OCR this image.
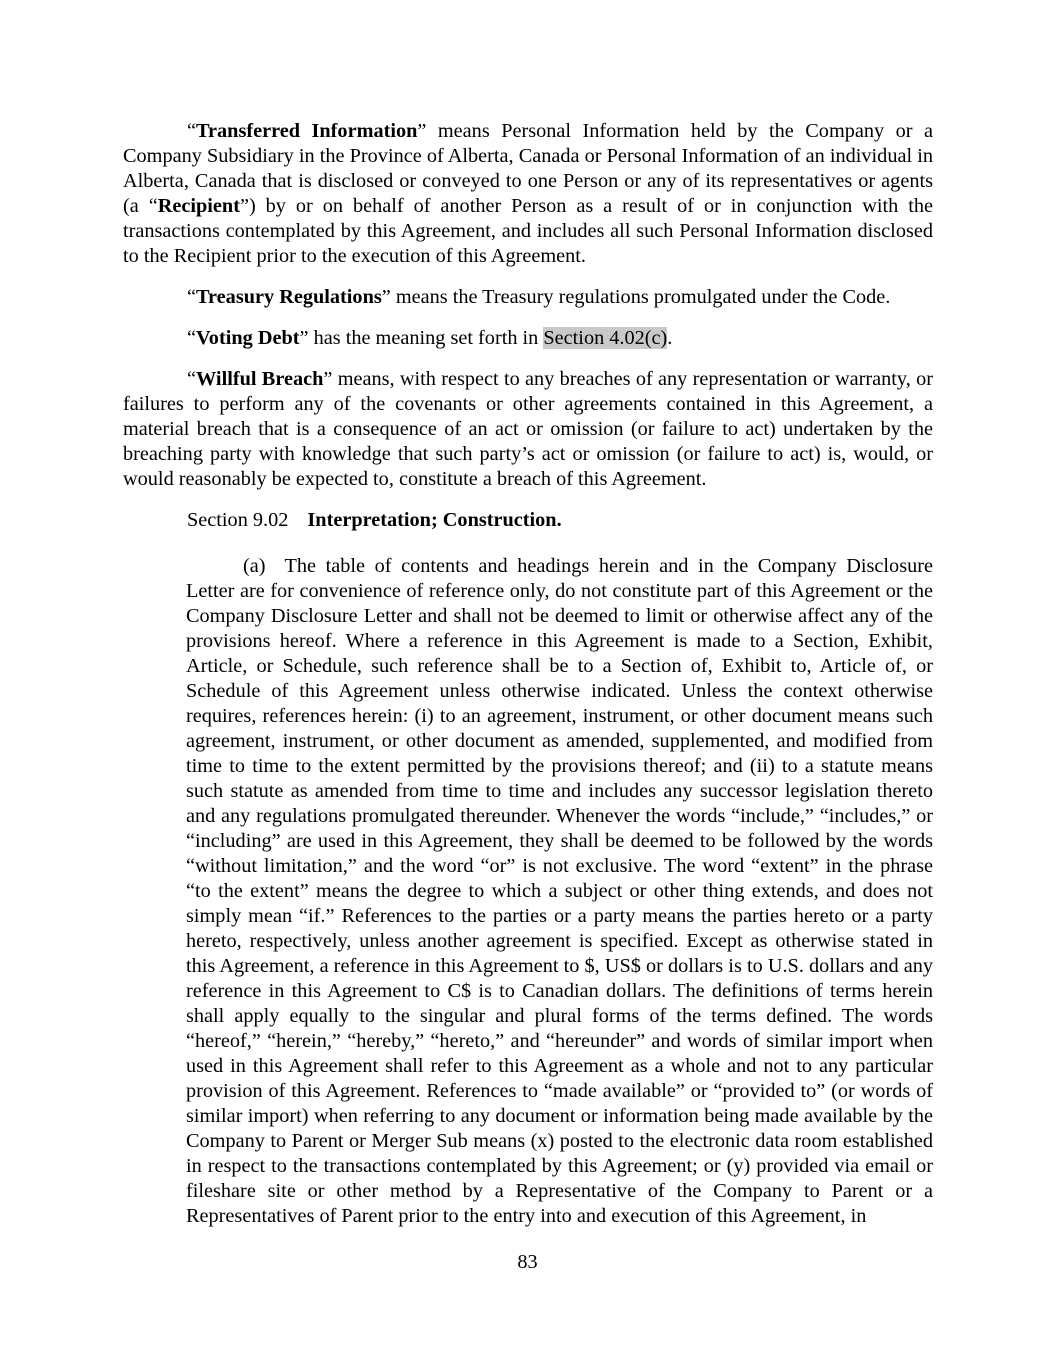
“Transferred Information” means Personal Information held by the Company or a Company Subsidiary in the Province of Alberta, Canada or Personal Information of an individual in Alberta, Canada that is disclosed or conveyed to one Person or any of its representatives or agents (a “Recipient”) by or on behalf of another Person as a result of or in conjunction with the transactions contemplated by this Agreement, and includes all such Personal Information disclosed to the Recipient prior to the execution of this Agreement.

“Treasury Regulations” means the Treasury regulations promulgated under the Code.

“Voting Debt” has the meaning set forth in Section 4.02(c).

“Willful Breach” means, with respect to any breaches of any representation or warranty, or failures to perform any of the covenants or other agreements contained in this Agreement, a material breach that is a consequence of an act or omission (or failure to act) undertaken by the breaching party with knowledge that such party’s act or omission (or failure to act) is, would, or would reasonably be expected to, constitute a breach of this Agreement.

Section 9.02 Interpretation; Construction.

(a) The table of contents and headings herein and in the Company Disclosure Letter are for convenience of reference only, do not constitute part of this Agreement or the Company Disclosure Letter and shall not be deemed to limit or otherwise affect any of the provisions hereof. Where a reference in this Agreement is made to a Section, Exhibit, Article, or Schedule, such reference shall be to a Section of, Exhibit to, Article of, or Schedule of this Agreement unless otherwise indicated. Unless the context otherwise requires, references herein: (i) to an agreement, instrument, or other document means such agreement, instrument, or other document as amended, supplemented, and modified from time to time to the extent permitted by the provisions thereof; and (ii) to a statute means such statute as amended from time to time and includes any successor legislation thereto and any regulations promulgated thereunder. Whenever the words “include,” “includes,” or “including” are used in this Agreement, they shall be deemed to be followed by the words “without limitation,” and the word “or” is not exclusive. The word “extent” in the phrase “to the extent” means the degree to which a subject or other thing extends, and does not simply mean “if.” References to the parties or a party means the parties hereto or a party hereto, respectively, unless another agreement is specified. Except as otherwise stated in this Agreement, a reference in this Agreement to $, US$ or dollars is to U.S. dollars and any reference in this Agreement to C$ is to Canadian dollars. The definitions of terms herein shall apply equally to the singular and plural forms of the terms defined. The words “hereof,” “herein,” “hereby,” “hereto,” and “hereunder” and words of similar import when used in this Agreement shall refer to this Agreement as a whole and not to any particular provision of this Agreement. References to “made available” or “provided to” (or words of similar import) when referring to any document or information being made available by the Company to Parent or Merger Sub means (x) posted to the electronic data room established in respect to the transactions contemplated by this Agreement; or (y) provided via email or fileshare site or other method by a Representative of the Company to Parent or a Representatives of Parent prior to the entry into and execution of this Agreement, in

83
